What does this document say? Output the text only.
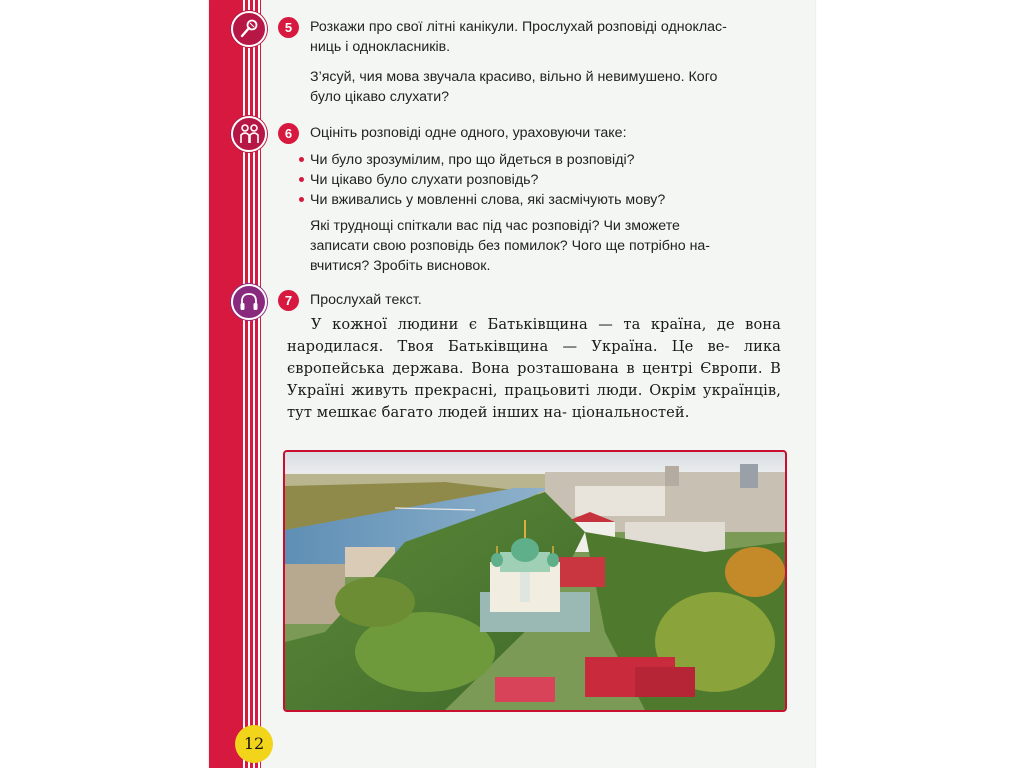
5	Розкажи про свої літні канікули. Прослухай розповіді одноклас-
ниць і однокласників.
З’ясуй, чия мова звучала красиво, вільно й невимушено. Кого
було цікаво слухати?
6	Оцініть розповіді одне одного, ураховуючи таке:
Чи було зрозумілим, про що йдеться в розповіді?
Чи цікаво було слухати розповідь?
Чи вживались у мовленні слова, які засмічують мову?
Які труднощі спіткали вас під час розповіді? Чи зможете
записати свою розповідь без помилок? Чого ще потрібно на-
вчитися? Зробіть висновок.
7	Прослухай текст.
У кожної людини є Батьківщина — та країна, де вона народилася. Твоя Батьківщина — Україна. Це ве- лика європейська держава. Вона розташована в центрі Європи. В Україні живуть прекрасні, працьовиті люди. Окрім українців, тут мешкає багато людей інших на- ціональностей.
12
